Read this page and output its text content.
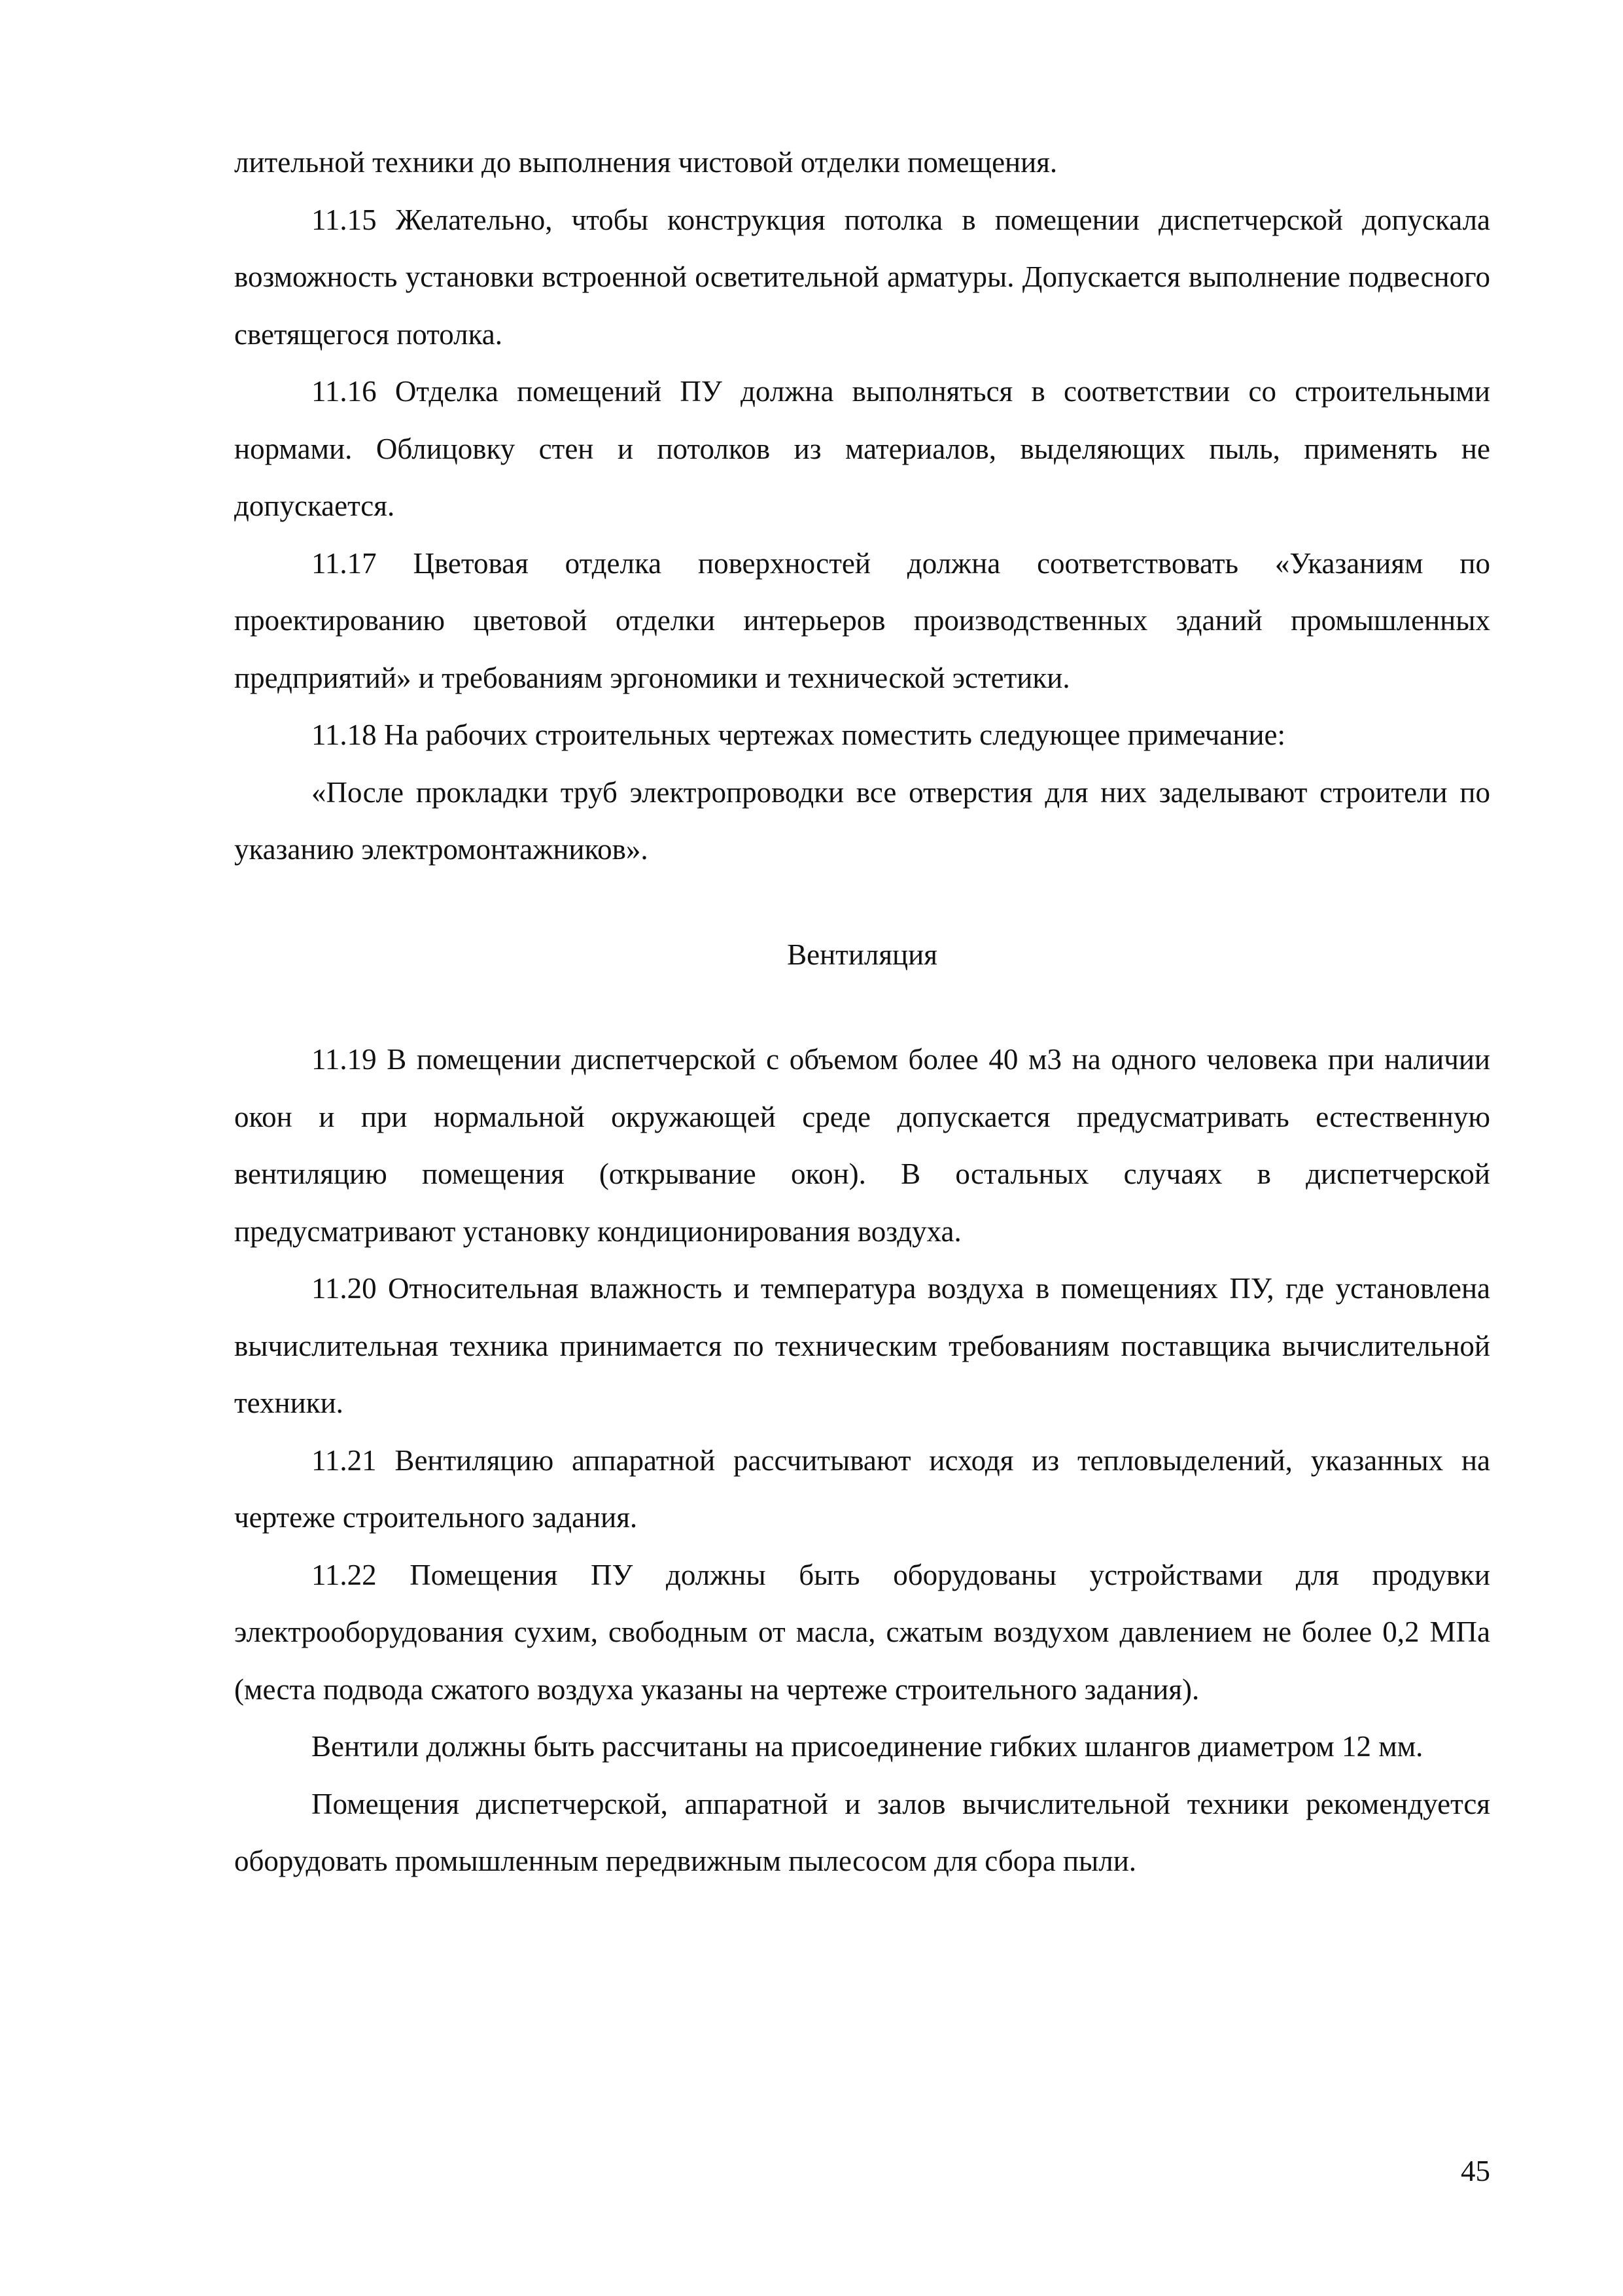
лительной техники до выполнения чистовой отделки помещения.

11.15 Желательно, чтобы конструкция потолка в помещении диспетчерской допускала возможность установки встроенной осветительной арматуры. Допускается выполнение подвесного светящегося потолка.

11.16 Отделка помещений ПУ должна выполняться в соответствии со строительными нормами. Облицовку стен и потолков из материалов, выделяющих пыль, применять не допускается.

11.17 Цветовая отделка поверхностей должна соответствовать «Указаниям по проектированию цветовой отделки интерьеров производственных зданий промышленных предприятий» и требованиям эргономики и технической эстетики.

11.18 На рабочих строительных чертежах поместить следующее примечание:

«После прокладки труб электропроводки все отверстия для них заделывают строители по указанию электромонтажников».

Вентиляция

11.19 В помещении диспетчерской с объемом более 40 м3 на одного человека при наличии окон и при нормальной окружающей среде допускается предусматривать естественную вентиляцию помещения (открывание окон). В остальных случаях в диспетчерской предусматривают установку кондиционирования воздуха.

11.20 Относительная влажность и температура воздуха в помещениях ПУ, где установлена вычислительная техника принимается по техническим требованиям поставщика вычислительной техники.

11.21 Вентиляцию аппаратной рассчитывают исходя из тепловыделений, указанных на чертеже строительного задания.

11.22 Помещения ПУ должны быть оборудованы устройствами для продувки электрооборудования сухим, свободным от масла, сжатым воздухом давлением не более 0,2 МПа (места подвода сжатого воздуха указаны на чертеже строительного задания).

Вентили должны быть рассчитаны на присоединение гибких шлангов диаметром 12 мм.

Помещения диспетчерской, аппаратной и залов вычислительной техники рекомендуется оборудовать промышленным передвижным пылесосом для сбора пыли.

45
